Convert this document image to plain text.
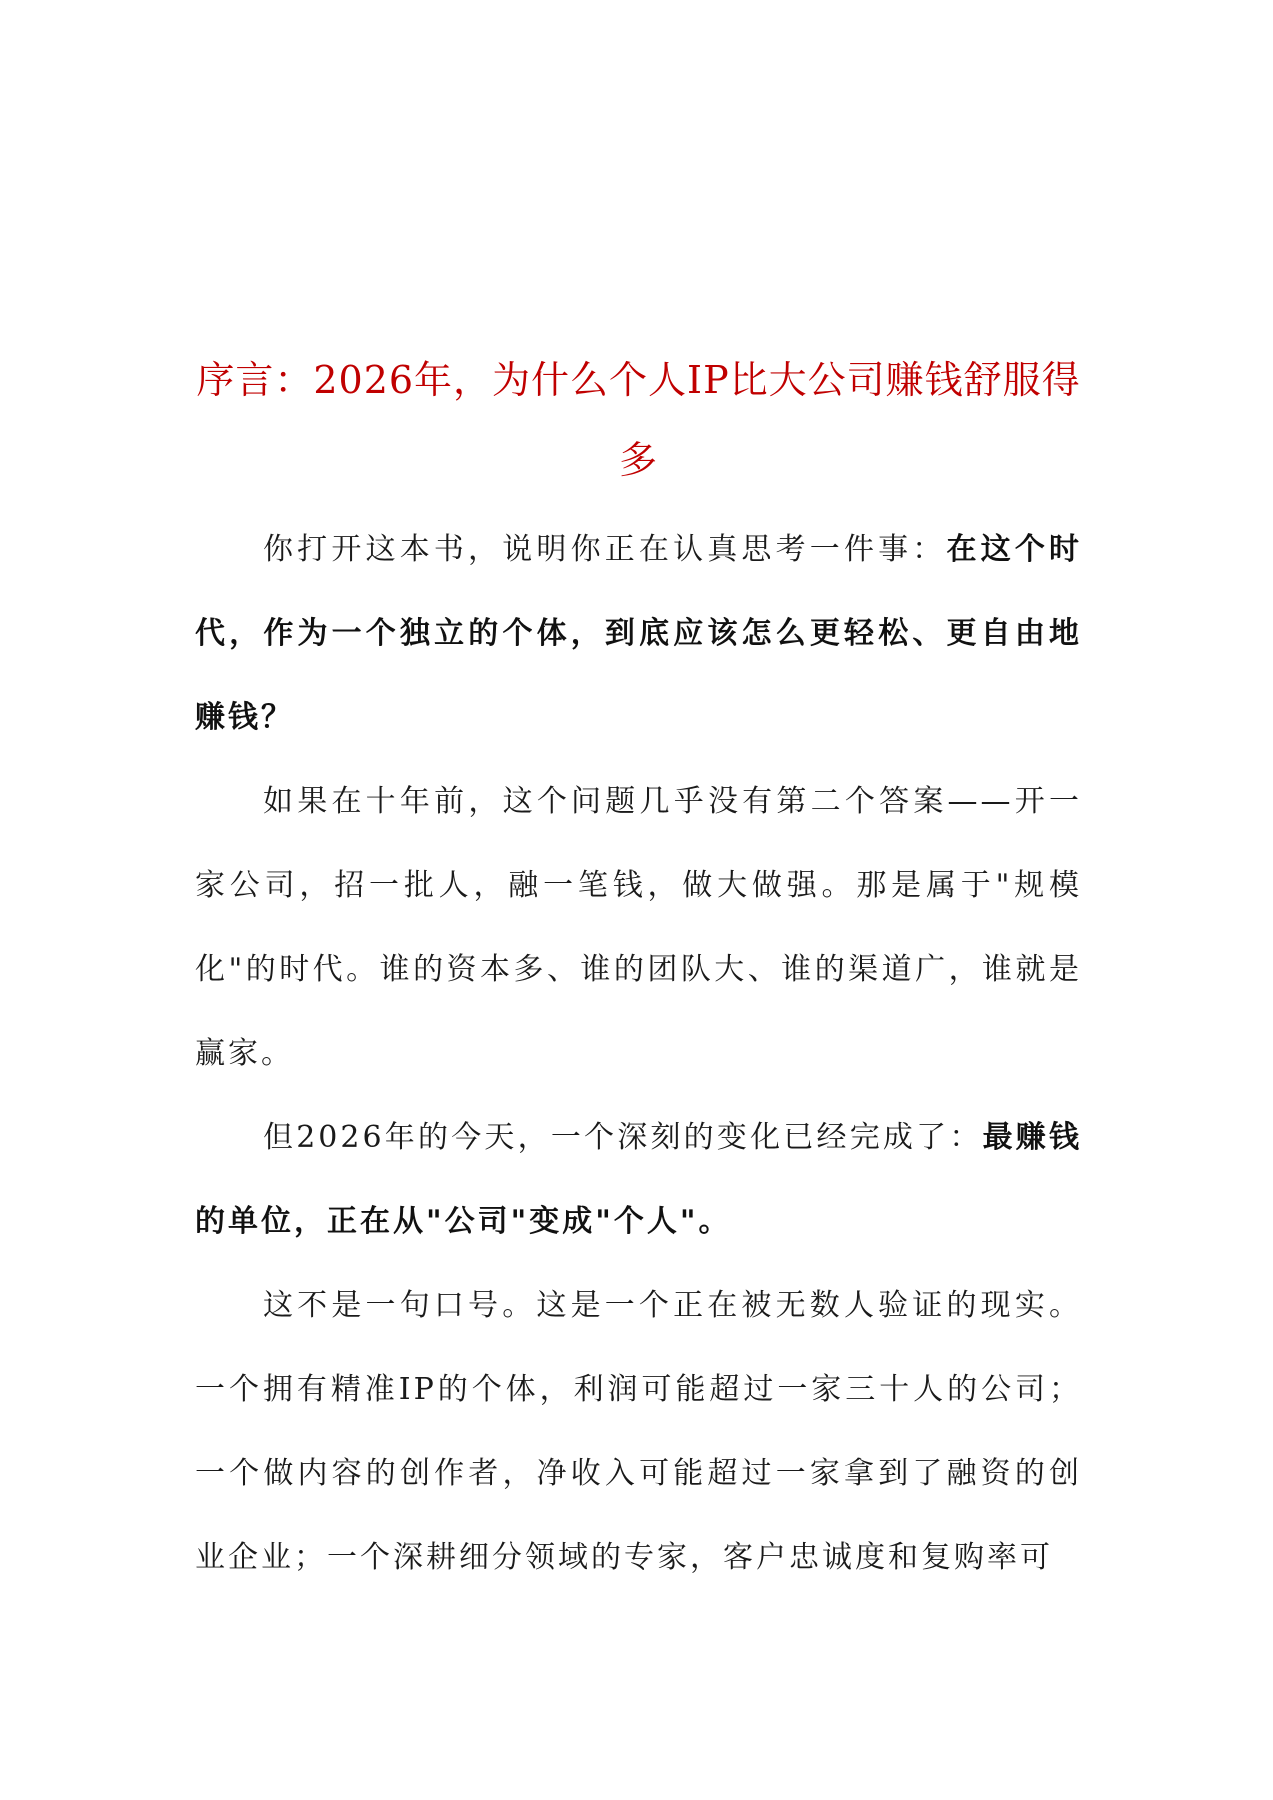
序言：2026年，为什么个人IP比大公司赚钱舒服得多

你打开这本书，说明你正在认真思考一件事：在这个时代，作为一个独立的个体，到底应该怎么更轻松、更自由地赚钱？

如果在十年前，这个问题几乎没有第二个答案——开一家公司，招一批人，融一笔钱，做大做强。那是属于"规模化"的时代。谁的资本多、谁的团队大、谁的渠道广，谁就是赢家。

但2026年的今天，一个深刻的变化已经完成了：最赚钱的单位，正在从"公司"变成"个人"。

这不是一句口号。这是一个正在被无数人验证的现实。一个拥有精准IP的个体，利润可能超过一家三十人的公司；一个做内容的创作者，净收入可能超过一家拿到了融资的创业企业；一个深耕细分领域的专家，客户忠诚度和复购率可
